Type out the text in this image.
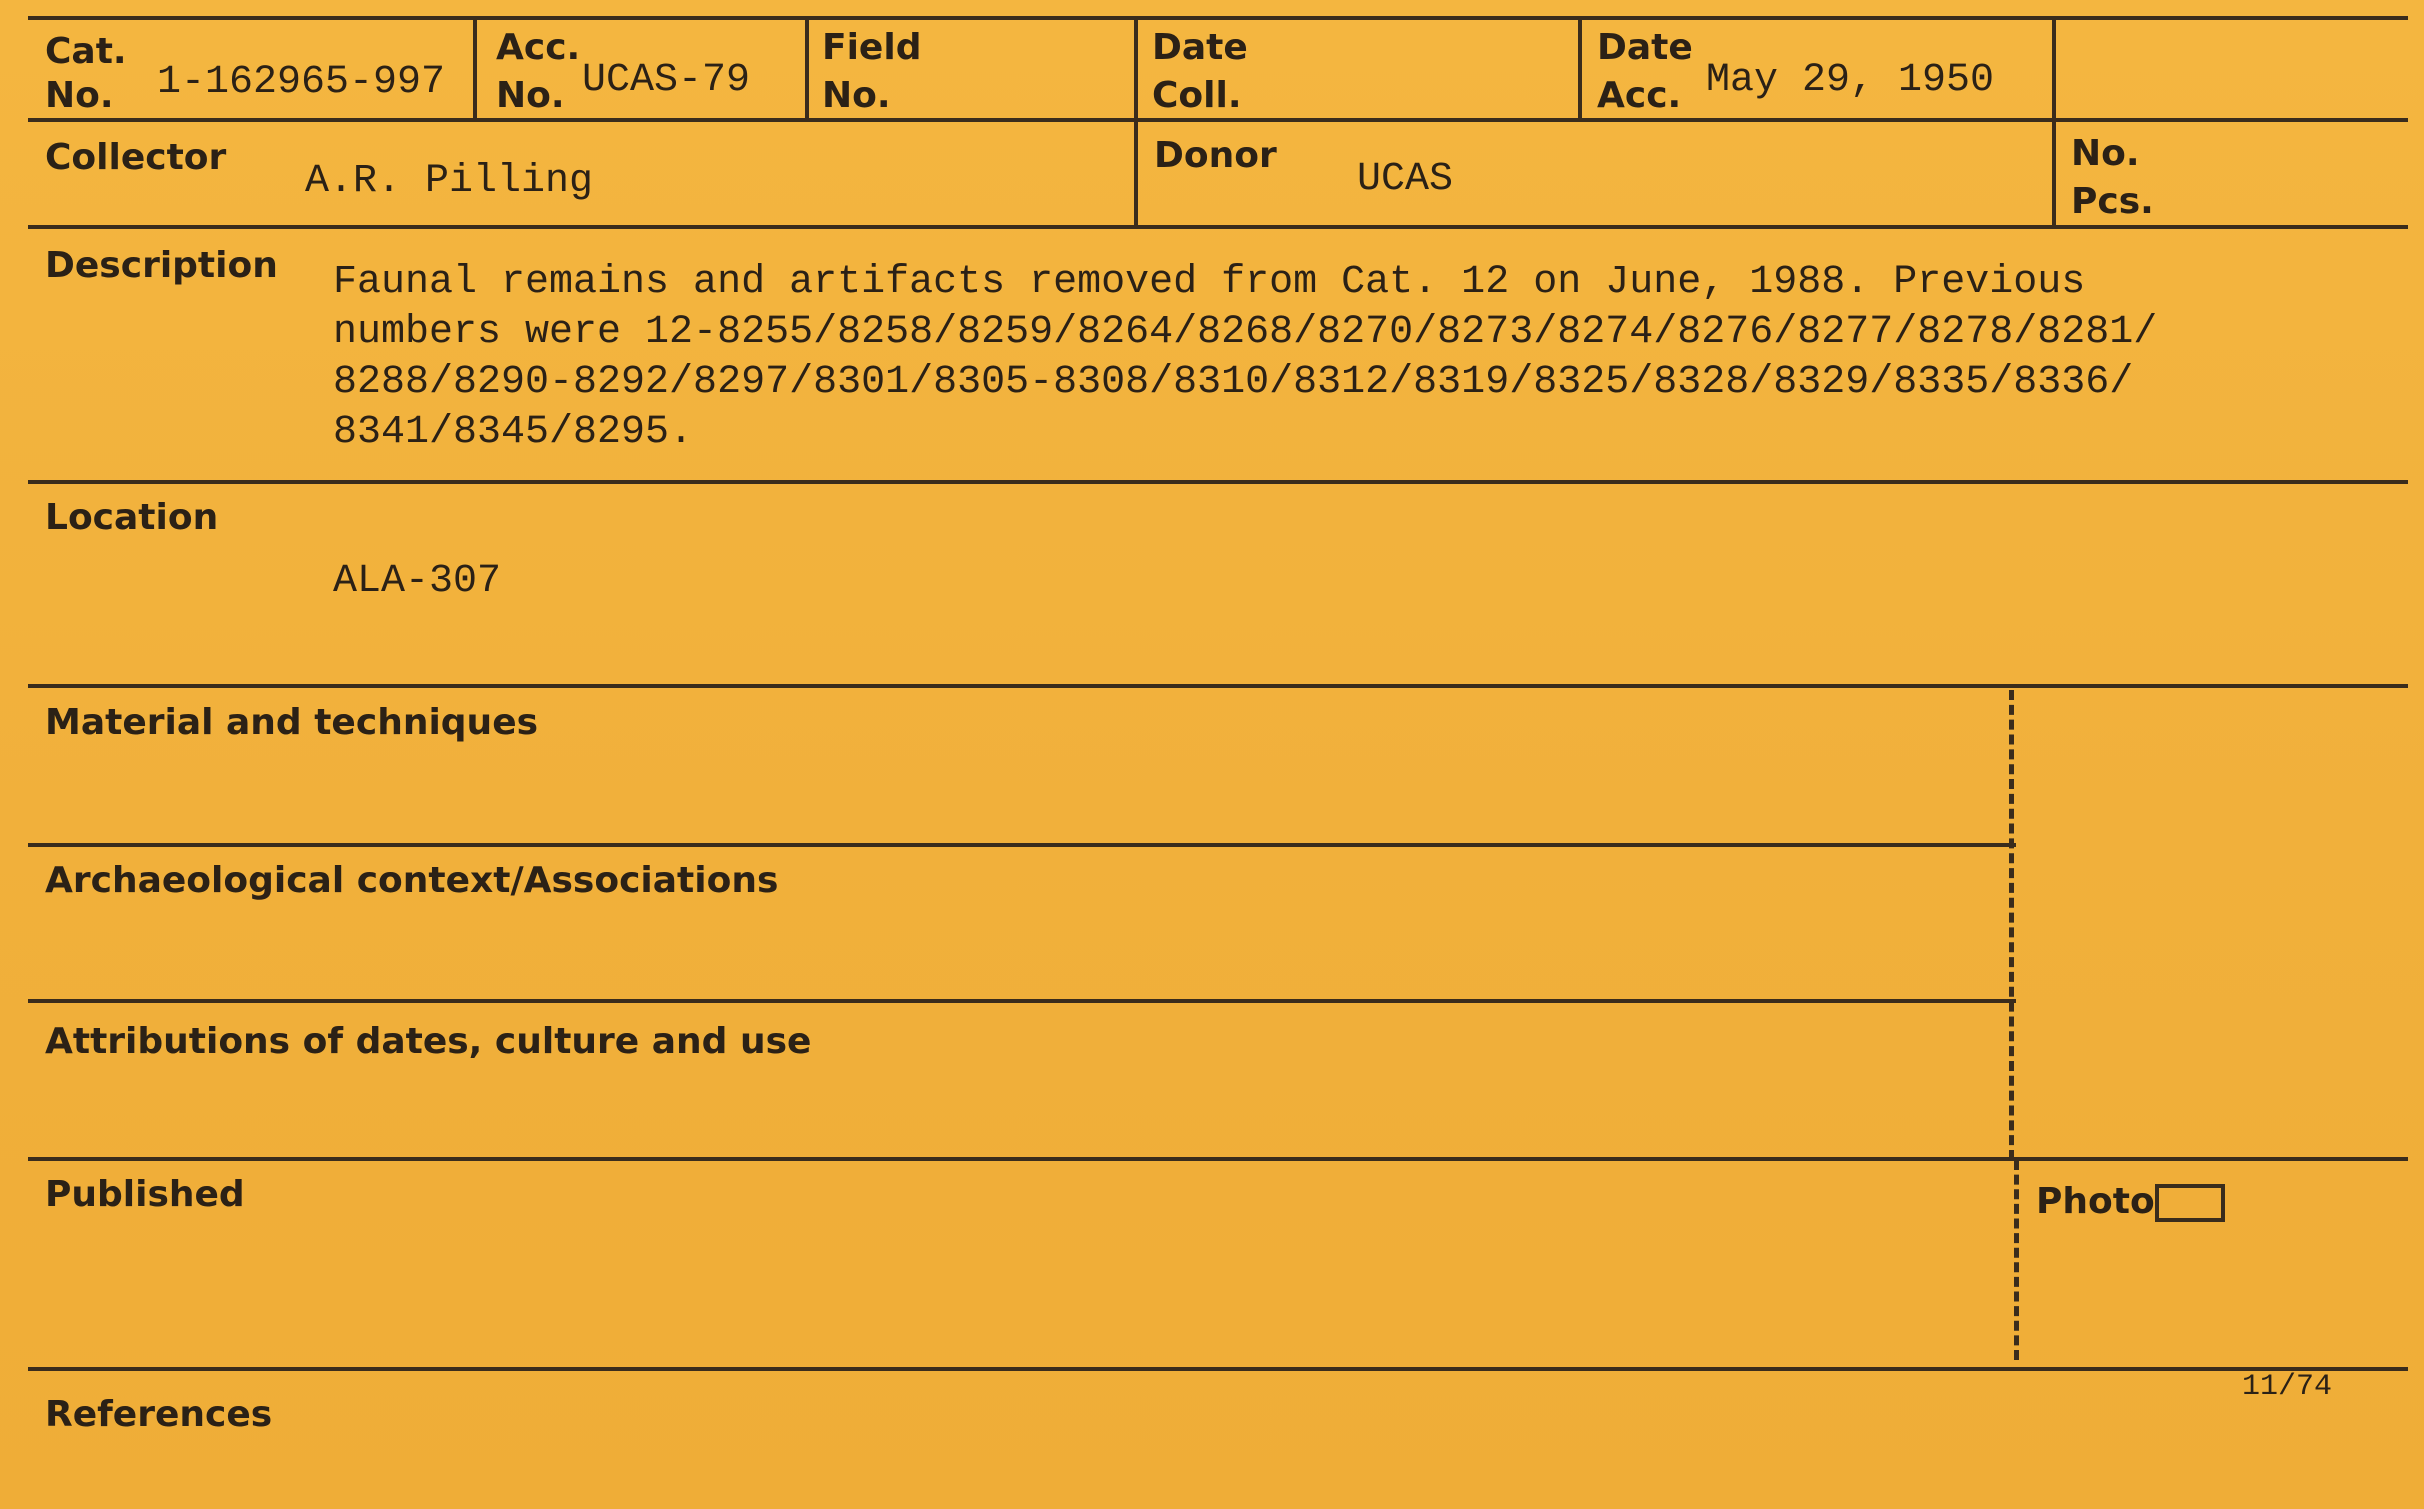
Cat.
No. 1-162965-997
Acc.
No. UCAS-79
Field
No.
Date
Coll.
Date
Acc. May 29, 1950
Collector
A.R. Pilling
Donor
UCAS
No.
Pcs.
Description Faunal remains and artifacts removed from Cat. 12 on June, 1988. Previous
numbers were 12-8255/8258/8259/8264/8268/8270/8273/8274/8276/8277/8278/8281/
8288/8290-8292/8297/8301/8305-8308/8310/8312/8319/8325/8328/8329/8335/8336/
8341/8345/8295.
Location
ALA-307
Material and techniques
Archaeological context/Associations
Attributions of dates, culture and use
Published	Photo
References
11/74
